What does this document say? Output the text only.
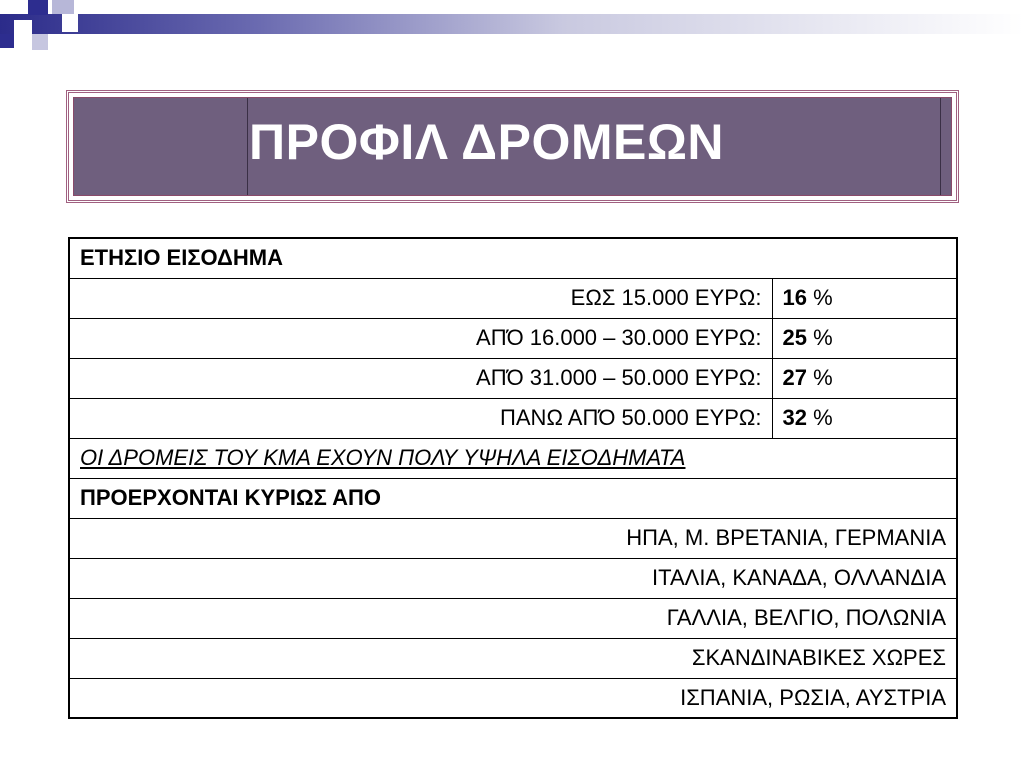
ΠΡΟΦΙΛ ΔΡΟΜΕΩΝ
ΕΤΗΣΙΟ ΕΙΣΟΔΗΜΑ	
ΕΩΣ 15.000 ΕΥΡΩ:	16 %
ΑΠΌ 16.000 – 30.000 ΕΥΡΩ:	25 %
ΑΠΌ 31.000 – 50.000 ΕΥΡΩ:	27 %
ΠΑΝΩ ΑΠΌ 50.000 ΕΥΡΩ:	32 %
ΟΙ ΔΡΟΜΕΙΣ ΤΟΥ ΚΜΑ ΕΧΟΥΝ ΠΟΛΥ ΥΨΗΛΑ ΕΙΣΟΔΗΜΑΤΑ	
ΠΡΟΕΡΧΟΝΤΑΙ ΚΥΡΙΩΣ ΑΠΟ	
ΗΠΑ, Μ. ΒΡΕΤΑΝΙΑ, ΓΕΡΜΑΝΙΑ	
ΙΤΑΛΙΑ, ΚΑΝΑΔΑ, ΟΛΛΑΝΔΙΑ	
ΓΑΛΛΙΑ, ΒΕΛΓΙΟ, ΠΟΛΩΝΙΑ	
ΣΚΑΝΔΙΝΑΒΙΚΕΣ ΧΩΡΕΣ	
ΙΣΠΑΝΙΑ, ΡΩΣΙΑ, ΑΥΣΤΡΙΑ	
